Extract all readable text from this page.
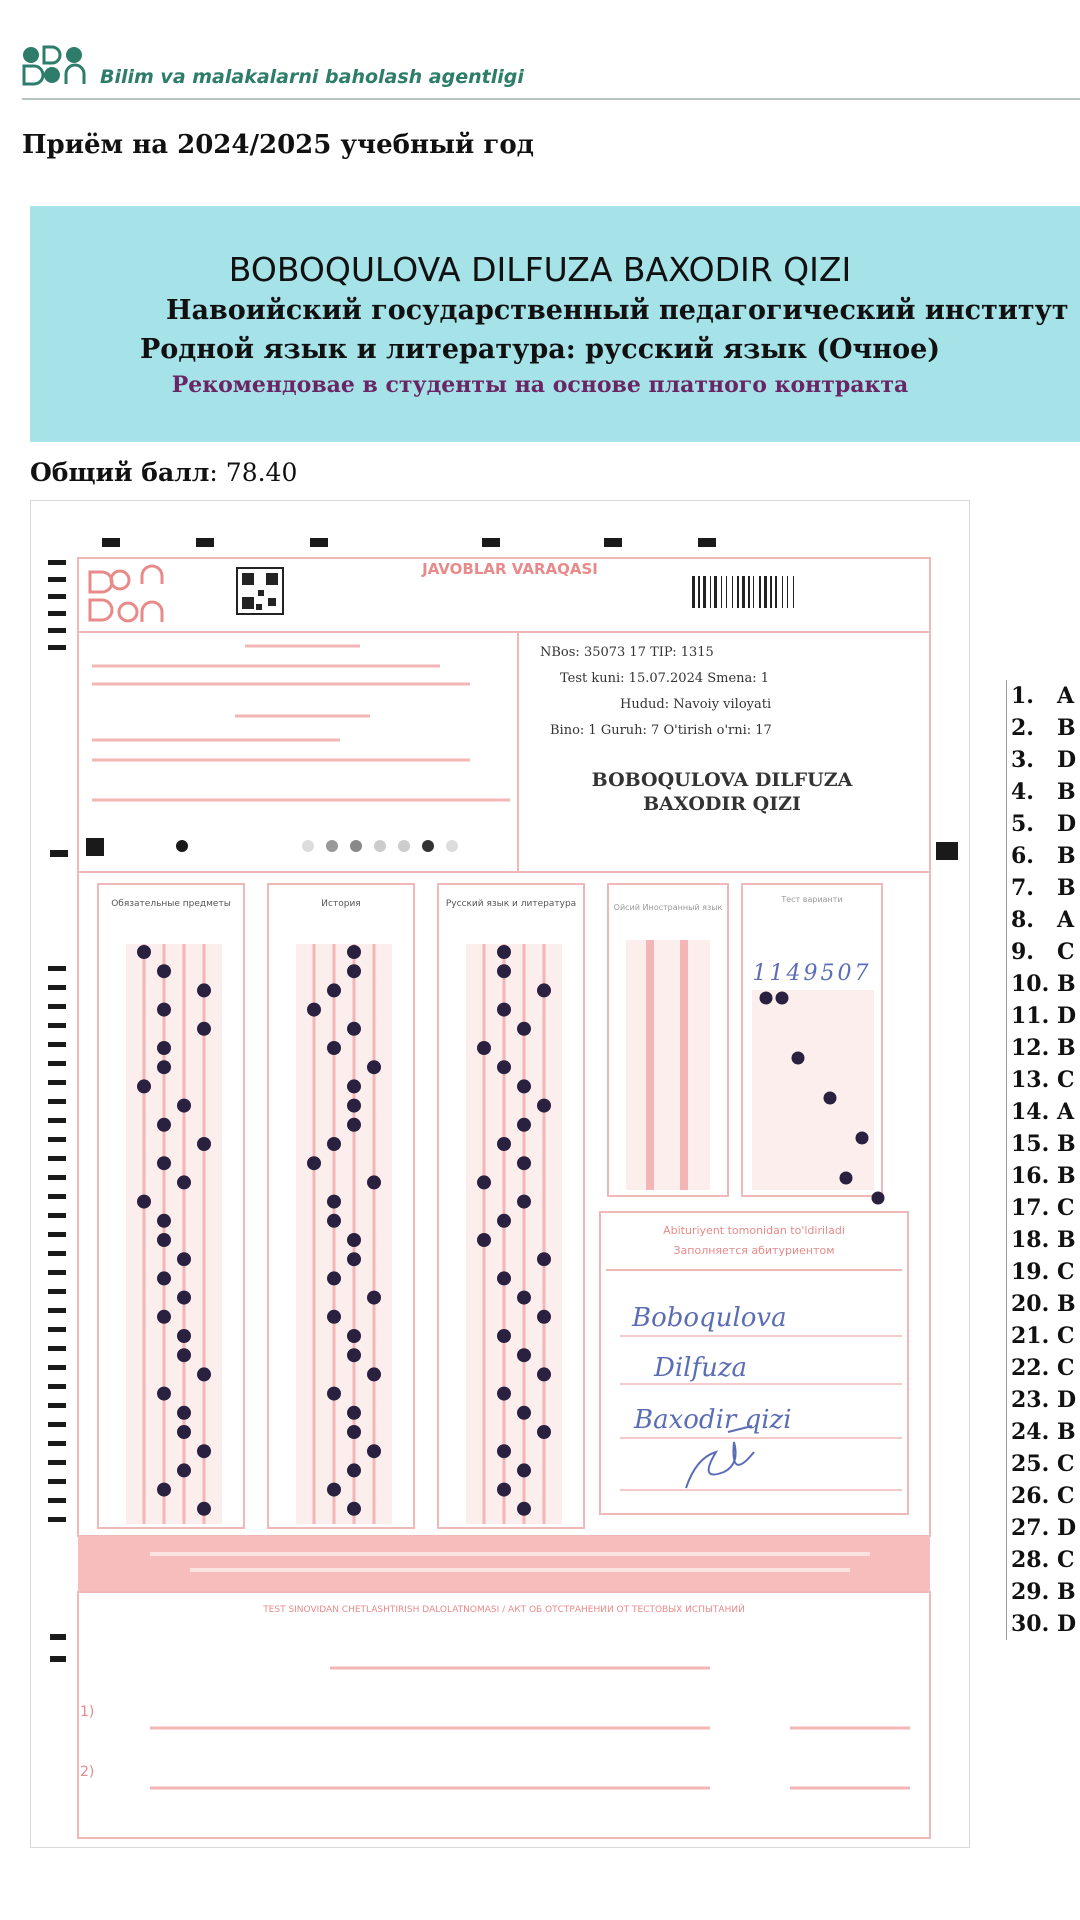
Bilim va malakalarni baholash agentligi
Приём на 2024/2025 учебный год
BOBOQULOVA DILFUZA BAXODIR QIZI
Навоийский государственный педагогический институт
Родной язык и литература: русский язык (Очное)
Рекомендовае в студенты на основе платного контракта
Общий балл: 78.40
1. A
2. B
3. D
4. B
5. D
6. B
7. B
8. A
9. C
10. B
11. D
12. B
13. C
14. A
15. B
16. B
17. C
18. B
19. C
20. B
21. C
22. C
23. D
24. B
25. C
26. C
27. D
28. C
29. B
30. D
JAVOBLAR VARAQASI
NBos: 35073 17 TIP: 1315
Test kuni: 15.07.2024 Smena: 1
Hudud: Navoiy viloyati
Bino: 1 Guruh: 7 O'tirish o'rni: 17
BOBOQULOVA DILFUZA
BAXODIR QIZI
Обязательные предметы	История	Русский язык и литература	Ойсий Иностранный язык
Тест варианти
1149507
Abituriyent tomonidan to'ldiriladi
Заполняется абитуриентом
Boboqulova
Dilfuza
Baxodir qizi
TEST SINOVIDAN CHETLASHTIRISH DALOLATNOMASI / АКТ ОБ ОТСТРАНЕНИИ ОТ ТЕСТОВЫХ ИСПЫТАНИЙ
1)
2)
